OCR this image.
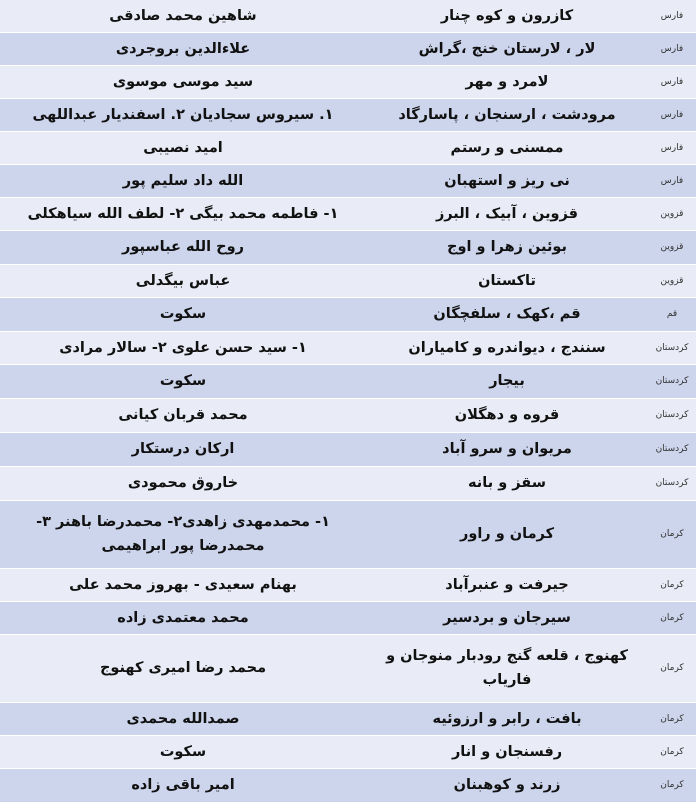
فارس	کازرون و کوه چنار	شاهین محمد صادقی
فارس	لار ، لارستان خنج ،گراش	علاءالدین بروجردی
فارس	لامرد و مهر	سید موسی موسوی
فارس	مرودشت ، ارسنجان ، پاسارگاد	۱. سیروس سجادیان ۲. اسفندیار عبداللهی
فارس	ممسنی و رستم	امید نصیبی
فارس	نی ریز و استهبان	الله داد سلیم پور
قزوین	قزوین ، آبیک ، البرز	۱- فاطمه محمد بیگی ۲- لطف الله سیاهکلی
قزوین	بوئین زهرا و اوج	روح الله عباسپور
قزوین	تاکستان	عباس بیگدلی
قم	قم ،کهک ، سلفچگان	سکوت
کردستان	سنندج ، دیواندره و کامیاران	۱- سید حسن علوی ۲- سالار مرادی
کردستان	بیجار	سکوت
کردستان	قروه و دهگلان	محمد قربان کیانی
کردستان	مریوان و سرو آباد	ارکان درستکار
کردستان	سقز و بانه	خاروق محمودی
کرمان	کرمان و راور	۱- محمدمهدی زاهدی۲- محمدرضا باهنر ۳- محمدرضا پور ابراهیمی
کرمان	جیرفت و عنبرآباد	بهنام سعیدی - بهروز محمد علی
کرمان	سیرجان و بردسیر	محمد معتمدی زاده
کرمان	کهنوج ، قلعه گنج رودبار منوجان و فاریاب	محمد رضا امیری کهنوج
کرمان	بافت ، رابر و ارزوئیه	صمدالله محمدی
کرمان	رفسنجان و انار	سکوت
کرمان	زرند و کوهبنان	امیر باقی زاده
